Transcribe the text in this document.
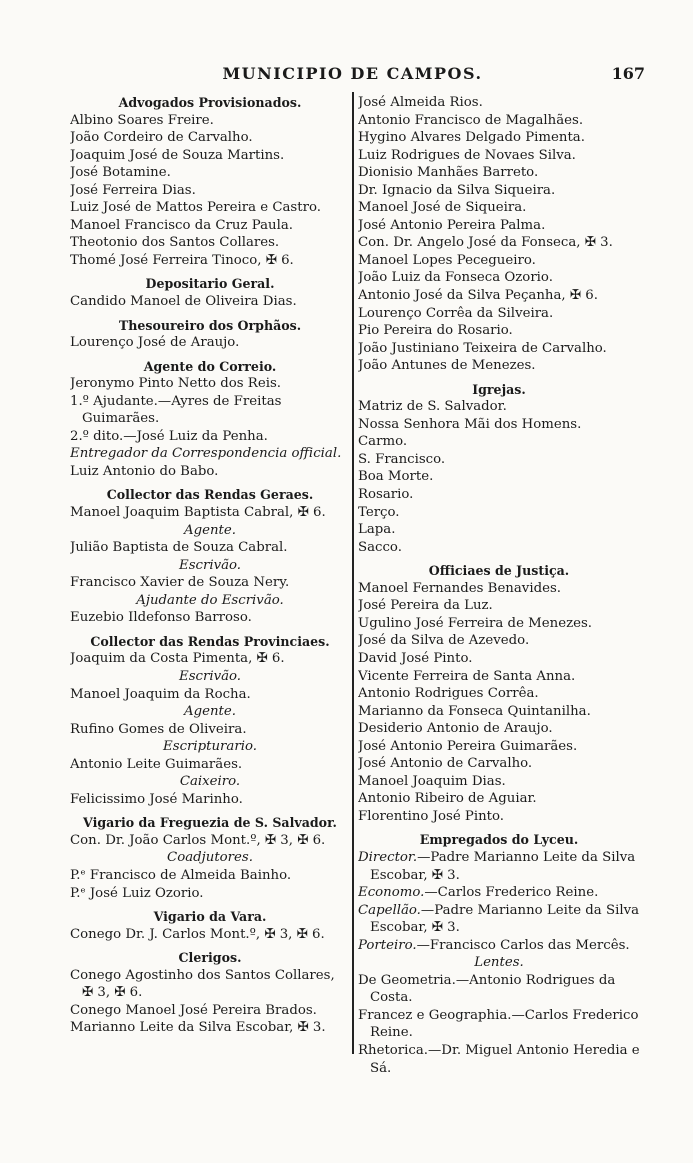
MUNICIPIO DE CAMPOS.	167
Advogados Provisionados.
Albino Soares Freire.
João Cordeiro de Carvalho.
Joaquim José de Souza Martins.
José Botamine.
José Ferreira Dias.
Luiz José de Mattos Pereira e Castro.
Manoel Francisco da Cruz Paula.
Theotonio dos Santos Collares.
Thomé José Ferreira Tinoco, ✠ 6.
Depositario Geral.
Candido Manoel de Oliveira Dias.
Thesoureiro dos Orphãos.
Lourenço José de Araujo.
Agente do Correio.
Jeronymo Pinto Netto dos Reis.
1.º Ajudante.—Ayres de Freitas Guimarães.
2.º dito.—José Luiz da Penha.
Entregador da Correspondencia official.
Luiz Antonio do Babo.
Collector das Rendas Geraes.
Manoel Joaquim Baptista Cabral, ✠ 6.
Agente.
Julião Baptista de Souza Cabral.
Escrivão.
Francisco Xavier de Souza Nery.
Ajudante do Escrivão.
Euzebio Ildefonso Barroso.
Collector das Rendas Provinciaes.
Joaquim da Costa Pimenta, ✠ 6.
Escrivão.
Manoel Joaquim da Rocha.
Agente.
Rufino Gomes de Oliveira.
Escripturario.
Antonio Leite Guimarães.
Caixeiro.
Felicissimo José Marinho.
Vigario da Freguezia de S. Salvador.
Con. Dr. João Carlos Mont.º, ✠ 3, ✠ 6.
Coadjutores.
P.ᵉ Francisco de Almeida Bainho.
P.ᵉ José Luiz Ozorio.
Vigario da Vara.
Conego Dr. J. Carlos Mont.º, ✠ 3, ✠ 6.
Clerigos.
Conego Agostinho dos Santos Collares, ✠ 3, ✠ 6.
Conego Manoel José Pereira Brados.
Marianno Leite da Silva Escobar, ✠ 3.
José Almeida Rios.
Antonio Francisco de Magalhães.
Hygino Alvares Delgado Pimenta.
Luiz Rodrigues de Novaes Silva.
Dionisio Manhães Barreto.
Dr. Ignacio da Silva Siqueira.
Manoel José de Siqueira.
José Antonio Pereira Palma.
Con. Dr. Angelo José da Fonseca, ✠ 3.
Manoel Lopes Pecegueiro.
João Luiz da Fonseca Ozorio.
Antonio José da Silva Peçanha, ✠ 6.
Lourenço Corrêa da Silveira.
Pio Pereira do Rosario.
João Justiniano Teixeira de Carvalho.
João Antunes de Menezes.
Igrejas.
Matriz de S. Salvador.
Nossa Senhora Mãi dos Homens.
Carmo.
S. Francisco.
Boa Morte.
Rosario.
Terço.
Lapa.
Sacco.
Officiaes de Justiça.
Manoel Fernandes Benavides.
José Pereira da Luz.
Ugulino José Ferreira de Menezes.
José da Silva de Azevedo.
David José Pinto.
Vicente Ferreira de Santa Anna.
Antonio Rodrigues Corrêa.
Marianno da Fonseca Quintanilha.
Desiderio Antonio de Araujo.
José Antonio Pereira Guimarães.
José Antonio de Carvalho.
Manoel Joaquim Dias.
Antonio Ribeiro de Aguiar.
Florentino José Pinto.
Empregados do Lyceu.
Director.—Padre Marianno Leite da Silva Escobar, ✠ 3.
Economo.—Carlos Frederico Reine.
Capellão.—Padre Marianno Leite da Silva Escobar, ✠ 3.
Porteiro.—Francisco Carlos das Mercês.
Lentes.
De Geometria.—Antonio Rodrigues da Costa.
Francez e Geographia.—Carlos Frederico Reine.
Rhetorica.—Dr. Miguel Antonio Heredia e Sá.
